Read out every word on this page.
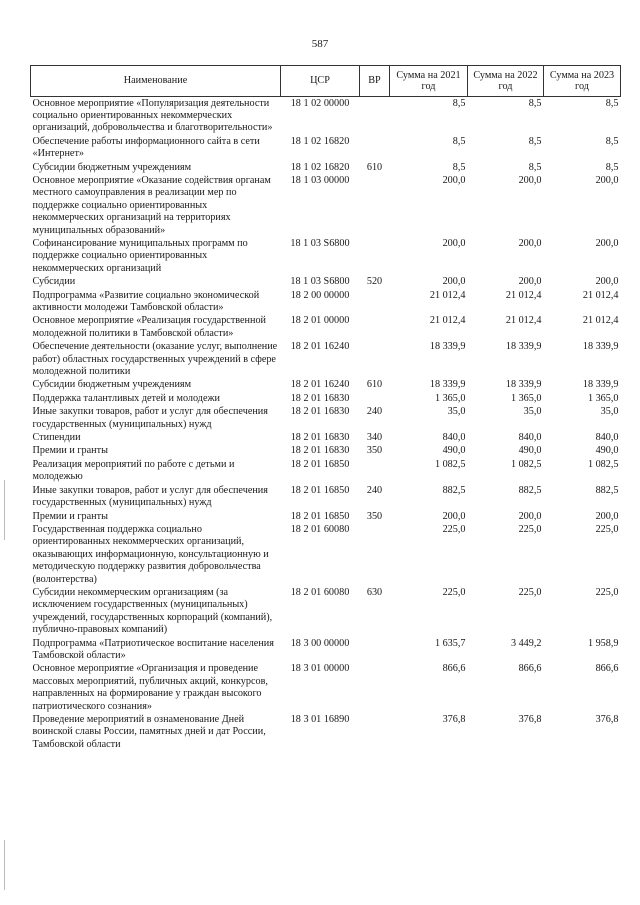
587
Наименование	ЦСР	ВР	Сумма на 2021 год	Сумма на 2022 год	Сумма на 2023 год
Основное мероприятие «Популяризация деятельности социально ориентированных некоммерческих организаций, добровольчества и благотворительности»	18 1 02 00000		8,5	8,5	8,5
Обеспечение работы информационного сайта в сети «Интернет»	18 1 02 16820		8,5	8,5	8,5
Субсидии бюджетным учреждениям	18 1 02 16820	610	8,5	8,5	8,5
Основное мероприятие «Оказание содействия органам местного самоуправления в реализации мер по поддержке социально ориентированных некоммерческих организаций на территориях муниципальных образований»	18 1 03 00000		200,0	200,0	200,0
Софинансирование муниципальных программ по поддержке социально ориентированных некоммерческих организаций	18 1 03 S6800		200,0	200,0	200,0
Субсидии	18 1 03 S6800	520	200,0	200,0	200,0
Подпрограмма «Развитие социально экономической активности молодежи Тамбовской области»	18 2 00 00000		21 012,4	21 012,4	21 012,4
Основное мероприятие «Реализация государственной молодежной политики в Тамбовской области»	18 2 01 00000		21 012,4	21 012,4	21 012,4
Обеспечение деятельности (оказание услуг, выполнение работ) областных государственных учреждений в сфере молодежной политики	18 2 01 16240		18 339,9	18 339,9	18 339,9
Субсидии бюджетным учреждениям	18 2 01 16240	610	18 339,9	18 339,9	18 339,9
Поддержка талантливых детей и молодежи	18 2 01 16830		1 365,0	1 365,0	1 365,0
Иные закупки товаров, работ и услуг для обеспечения государственных (муниципальных) нужд	18 2 01 16830	240	35,0	35,0	35,0
Стипендии	18 2 01 16830	340	840,0	840,0	840,0
Премии и гранты	18 2 01 16830	350	490,0	490,0	490,0
Реализация мероприятий по работе с детьми и молодежью	18 2 01 16850		1 082,5	1 082,5	1 082,5
Иные закупки товаров, работ и услуг для обеспечения государственных (муниципальных) нужд	18 2 01 16850	240	882,5	882,5	882,5
Премии и гранты	18 2 01 16850	350	200,0	200,0	200,0
Государственная поддержка социально ориентированных некоммерческих организаций, оказывающих информационную, консультационную и методическую поддержку развития добровольчества (волонтерства)	18 2 01 60080		225,0	225,0	225,0
Субсидии некоммерческим организациям (за исключением государственных (муниципальных) учреждений, государственных корпораций (компаний), публично-правовых компаний)	18 2 01 60080	630	225,0	225,0	225,0
Подпрограмма «Патриотическое воспитание населения Тамбовской области»	18 3 00 00000		1 635,7	3 449,2	1 958,9
Основное мероприятие «Организация и проведение массовых мероприятий, публичных акций, конкурсов, направленных на формирование у граждан высокого патриотического сознания»	18 3 01 00000		866,6	866,6	866,6
Проведение мероприятий в ознаменование Дней воинской славы России, памятных дней и дат России, Тамбовской области	18 3 01 16890		376,8	376,8	376,8
